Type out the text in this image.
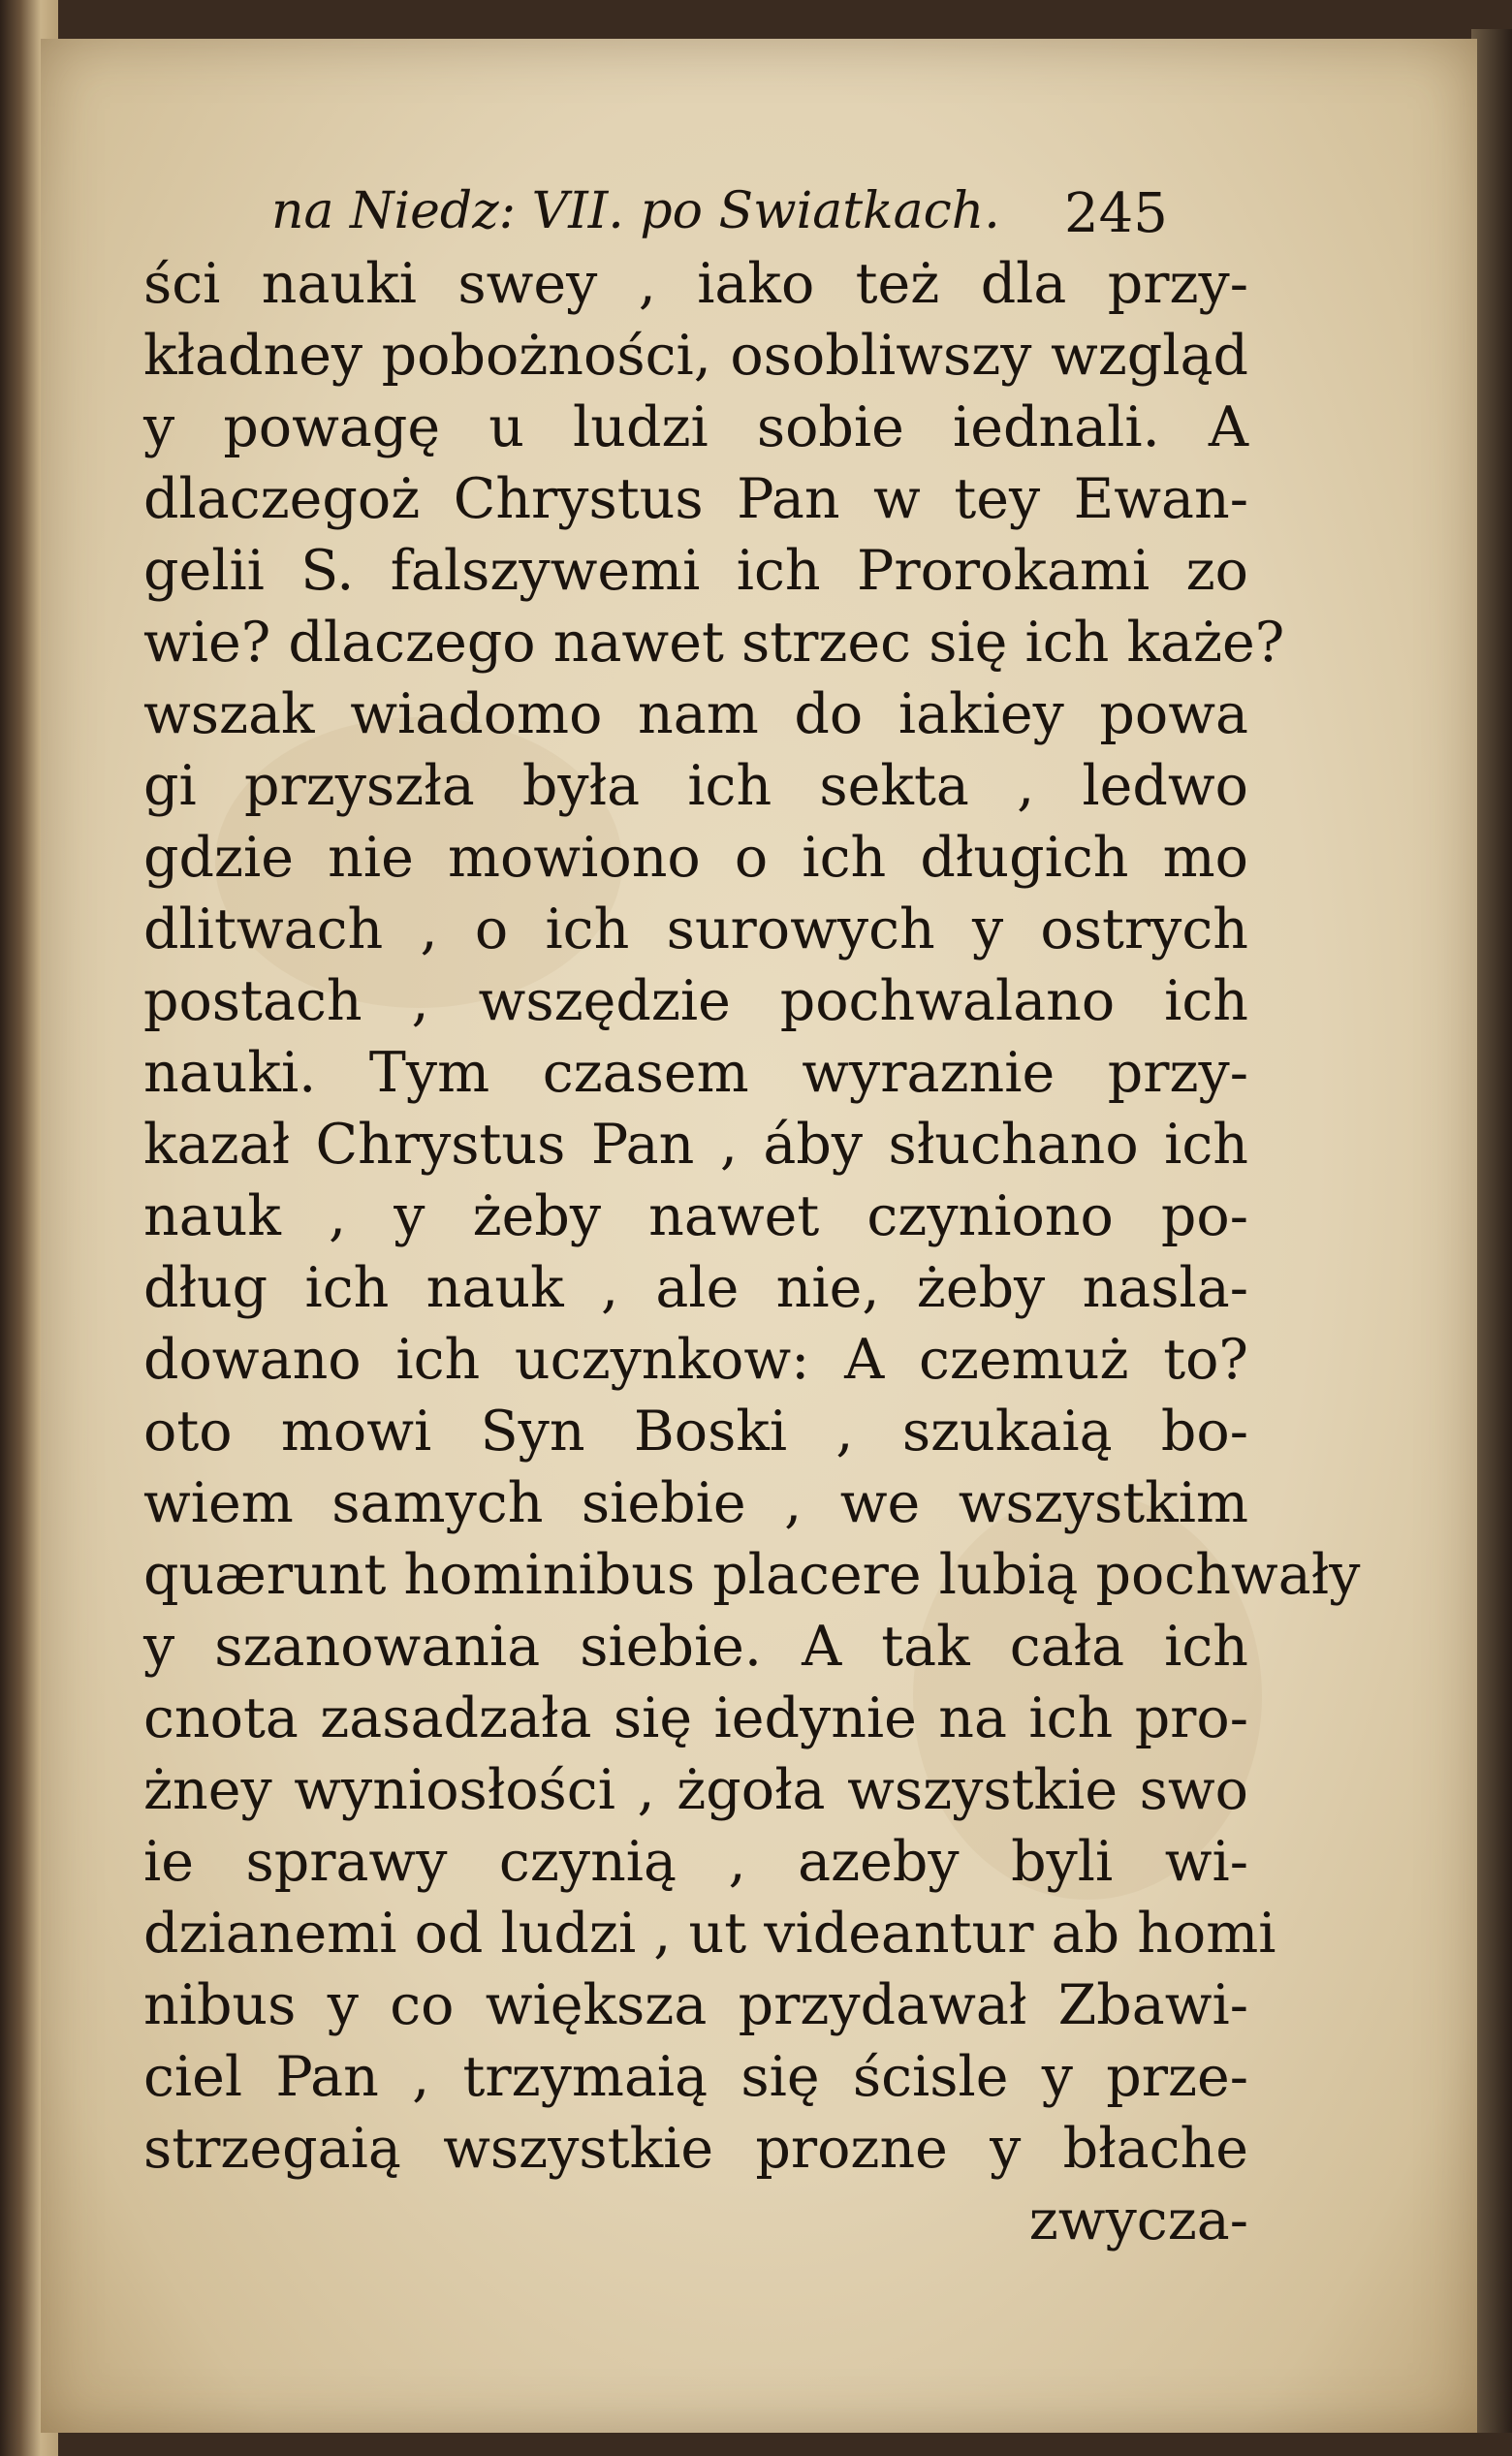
na Niedz: VII. po Swiatkach. 245
ści nauki swey , iako też dla przy-
kładney pobożności, osobliwszy wzgląd
y powagę u ludzi sobie iednali. A
dlaczegoż Chrystus Pan w tey Ewan-
gelii S. falszywemi ich Prorokami zo
wie? dlaczego nawet strzec się ich każe?
wszak wiadomo nam do iakiey powa
gi przyszła była ich sekta , ledwo
gdzie nie mowiono o ich długich mo
dlitwach , o ich surowych y ostrych
postach , wszędzie pochwalano ich
nauki. Tym czasem wyraznie przy-
kazał Chrystus Pan , áby słuchano ich
nauk , y żeby nawet czyniono po-
dług ich nauk , ale nie, żeby nasla-
dowano ich uczynkow: A czemuż to?
oto mowi Syn Boski , szukaią bo-
wiem samych siebie , we wszystkim
quærunt hominibus placere lubią pochwały
y szanowania siebie. A tak cała ich
cnota zasadzała się iedynie na ich pro-
żney wyniosłości , żgoła wszystkie swo
ie sprawy czynią , azeby byli wi-
dzianemi od ludzi , ut videantur ab homi
nibus y co większa przydawał Zbawi-
ciel Pan , trzymaią się ścisle y prze-
strzegaią wszystkie prozne y błache
zwycza-
